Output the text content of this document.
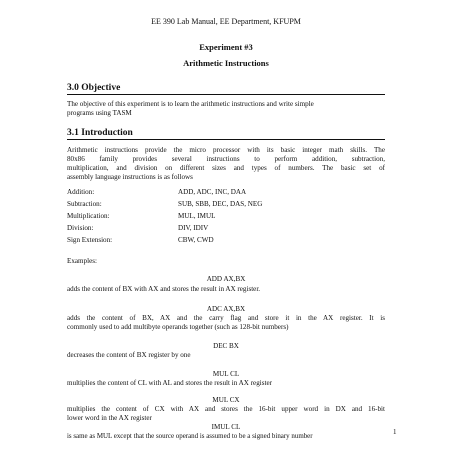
EE 390 Lab Manual, EE Department, KFUPM
Experiment #3
Arithmetic Instructions
3.0 Objective
The objective of this experiment is to learn the arithmetic instructions and write simple
programs using TASM
3.1 Introduction
Arithmetic instructions provide the micro processor with its basic integer math skills. The
80x86 family provides several instructions to perform addition, subtraction,
multiplication, and division on different sizes and types of numbers. The basic set of
assembly language instructions is as follows
Addition:	ADD, ADC, INC, DAA
Subtraction:	SUB, SBB, DEC, DAS, NEG
Multiplication:	MUL, IMUL
Division:	DIV, IDIV
Sign Extension:	CBW, CWD
Examples:
ADD AX,BX
adds the content of BX with AX and stores the result in AX register.
ADC AX,BX
adds the content of BX, AX and the carry flag and store it in the AX register. It is
commonly used to add multibyte operands together (such as 128-bit numbers)
DEC BX
decreases the content of BX register by one
MUL CL
multiplies the content of CL with AL and stores the result in AX register
MUL CX
multiplies the content of CX with AX and stores the 16-bit upper word in DX and 16-bit
lower word in the AX register
IMUL CL
is same as MUL except that the source operand is assumed to be a signed binary number	1
